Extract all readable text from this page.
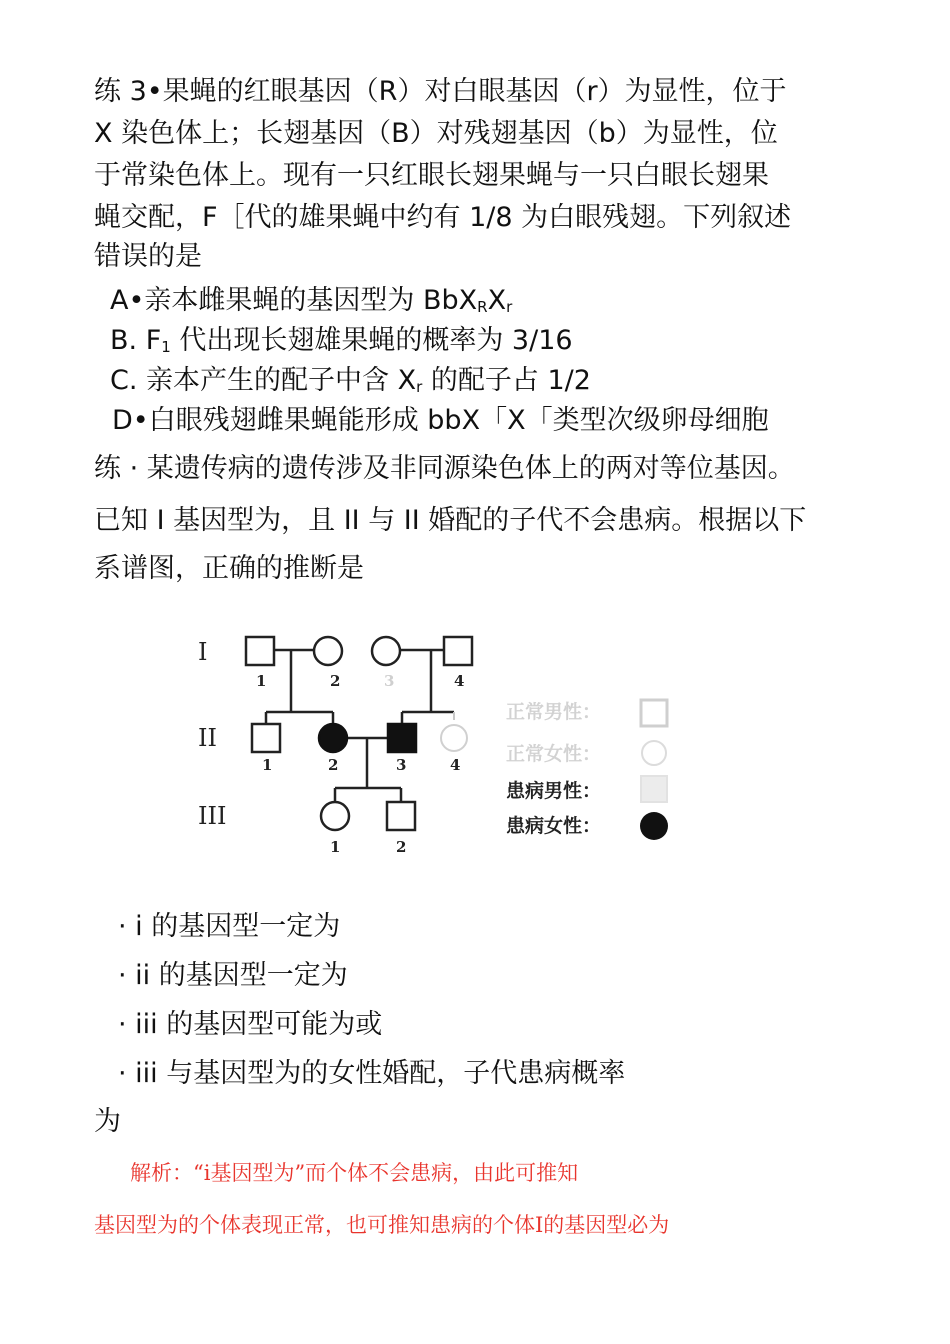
练 3•果蝇的红眼基因（R）对白眼基因（r）为显性，位于
X 染色体上；长翅基因（B）对残翅基因（b）为显性，位
于常染色体上。现有一只红眼长翅果蝇与一只白眼长翅果
蝇交配，F［代的雄果蝇中约有 1/8 为白眼残翅。下列叙述
错误的是
A•亲本雌果蝇的基因型为 $BbX_RX_r$
B. $F_1$ 代出现长翅雄果蝇的概率为 3/16
C. 亲本产生的配子中含 $X_r$ 的配子占 1/2
D•白眼残翅雌果蝇能形成 bbX「X「类型次级卵母细胞
练 · 某遗传病的遗传涉及非同源染色体上的两对等位基因。
已知 I 基因型为，且 II 与 II 婚配的子代不会患病。根据以下
系谱图，正确的推断是
I
II
III
1	2	3	4
1	2	3	4
1	2
正常男性：
正常女性：
患病男性：
患病女性：
· i 的基因型一定为
· ii 的基因型一定为
· iii 的基因型可能为或
· iii 与基因型为的女性婚配，子代患病概率
为
解析：“ⅰ基因型为”而个体不会患病，由此可推知
基因型为的个体表现正常，也可推知患病的个体Ⅰ的基因型必为
